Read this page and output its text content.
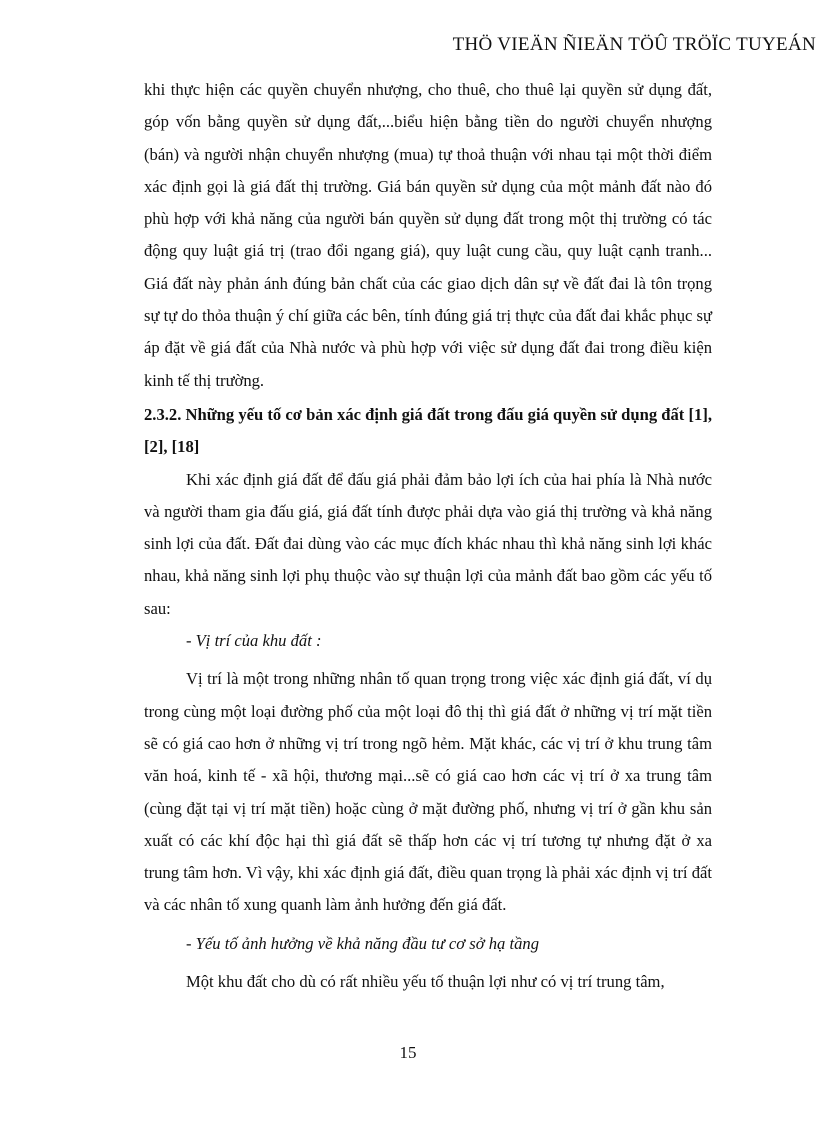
THÖ VIEÄN ÑIEÄN TÖÛ TRÖÏC TUYEÁN

khi thực hiện các quyền chuyển nhượng, cho thuê, cho thuê lại quyền sử dụng đất, góp vốn bằng quyền sử dụng đất,...biểu hiện bằng tiền do người chuyển nhượng (bán) và người nhận chuyển nhượng (mua) tự thoả thuận với nhau tại một thời điểm xác định gọi là giá đất thị trường. Giá bán quyền sử dụng của một mảnh đất nào đó phù hợp với khả năng của người bán quyền sử dụng đất trong một thị trường có tác động quy luật giá trị (trao đổi ngang giá), quy luật cung cầu, quy luật cạnh tranh... Giá đất này phản ánh đúng bản chất của các giao dịch dân sự về đất đai là tôn trọng sự tự do thỏa thuận ý chí giữa các bên, tính đúng giá trị thực của đất đai khắc phục sự áp đặt về giá đất của Nhà nước và phù hợp với việc sử dụng đất đai trong điều kiện kinh tế thị trường.

2.3.2. Những yếu tố cơ bản xác định giá đất trong đấu giá quyền sử dụng đất [1], [2], [18]

Khi xác định giá đất để đấu giá phải đảm bảo lợi ích của hai phía là Nhà nước và người tham gia đấu giá, giá đất tính được phải dựa vào giá thị trường và khả năng sinh lợi của đất. Đất đai dùng vào các mục đích khác nhau thì khả năng sinh lợi khác nhau, khả năng sinh lợi phụ thuộc vào sự thuận lợi của mảnh đất bao gồm các yếu tố sau:

- Vị trí của khu đất :

Vị trí là một trong những nhân tố quan trọng trong việc xác định giá đất, ví dụ trong cùng một loại đường phố của một loại đô thị thì giá đất ở những vị trí mặt tiền sẽ có giá cao hơn ở những vị trí trong ngõ hẻm. Mặt khác, các vị trí ở khu trung tâm văn hoá, kinh tế - xã hội, thương mại...sẽ có giá cao hơn các vị trí ở xa trung tâm (cùng đặt tại vị trí mặt tiền) hoặc cùng ở mặt đường phố, nhưng vị trí ở gần khu sản xuất có các khí độc hại thì giá đất sẽ thấp hơn các vị trí tương tự nhưng đặt ở xa trung tâm hơn. Vì vậy, khi xác định giá đất, điều quan trọng là phải xác định vị trí đất và các nhân tố xung quanh làm ảnh hưởng đến giá đất.

- Yếu tố ảnh hưởng về khả năng đầu tư cơ sở hạ tầng

Một khu đất cho dù có rất nhiều yếu tố thuận lợi như có vị trí trung tâm,

15
